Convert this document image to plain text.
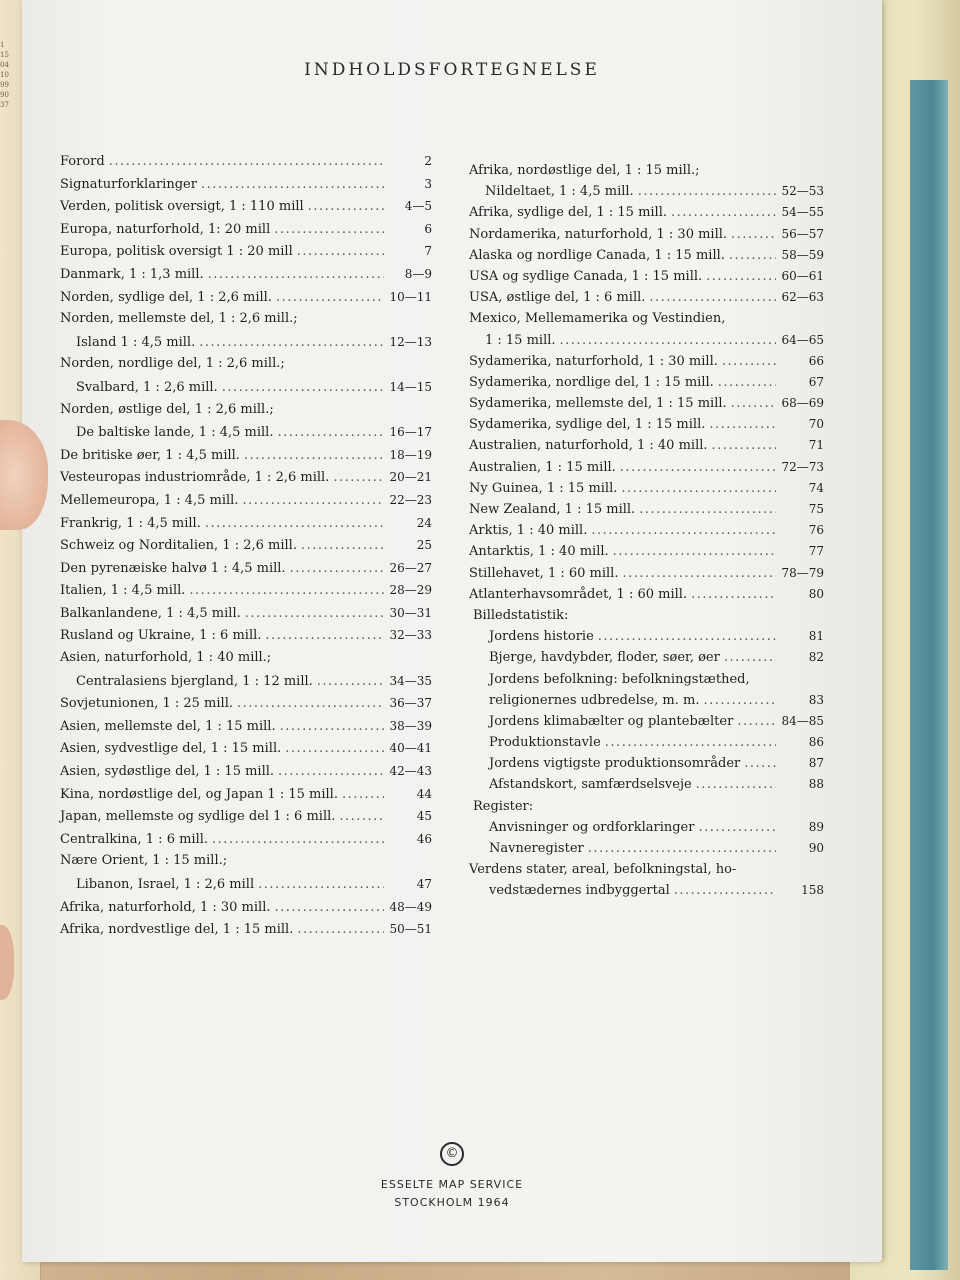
1
15
04
10
99
90
37
INDHOLDSFORTEGNELSE
Forord .....	2
Signaturforklaringer .....	3
Verden, politisk oversigt, 1 : 110 mill .....	4—5
Europa, naturforhold, 1: 20 mill .....	6
Europa, politisk oversigt 1 : 20 mill .....	7
Danmark, 1 : 1,3 mill. .....	8—9
Norden, sydlige del, 1 : 2,6 mill. .....	10—11
Norden, mellemste del, 1 : 2,6 mill.;
Island 1 : 4,5 mill. .....	12—13
Norden, nordlige del, 1 : 2,6 mill.;
Svalbard, 1 : 2,6 mill. .....	14—15
Norden, østlige del, 1 : 2,6 mill.;
De baltiske lande, 1 : 4,5 mill. .....	16—17
De britiske øer, 1 : 4,5 mill. .....	18—19
Vesteuropas industriområde, 1 : 2,6 mill. .....	20—21
Mellemeuropa, 1 : 4,5 mill. .....	22—23
Frankrig, 1 : 4,5 mill. .....	24
Schweiz og Norditalien, 1 : 2,6 mill. .....	25
Den pyrenæiske halvø 1 : 4,5 mill. .....	26—27
Italien, 1 : 4,5 mill. .....	28—29
Balkanlandene, 1 : 4,5 mill. .....	30—31
Rusland og Ukraine, 1 : 6 mill. .....	32—33
Asien, naturforhold, 1 : 40 mill.;
Centralasiens bjergland, 1 : 12 mill. .....	34—35
Sovjetunionen, 1 : 25 mill. .....	36—37
Asien, mellemste del, 1 : 15 mill. .....	38—39
Asien, sydvestlige del, 1 : 15 mill. .....	40—41
Asien, sydøstlige del, 1 : 15 mill. .....	42—43
Kina, nordøstlige del, og Japan 1 : 15 mill. .....	44
Japan, mellemste og sydlige del 1 : 6 mill. .....	45
Centralkina, 1 : 6 mill. .....	46
Nære Orient, 1 : 15 mill.;
Libanon, Israel, 1 : 2,6 mill .....	47
Afrika, naturforhold, 1 : 30 mill. .....	48—49
Afrika, nordvestlige del, 1 : 15 mill. .....	50—51
Afrika, nordøstlige del, 1 : 15 mill.;
Nildeltaet, 1 : 4,5 mill. .....	52—53
Afrika, sydlige del, 1 : 15 mill. .....	54—55
Nordamerika, naturforhold, 1 : 30 mill. .....	56—57
Alaska og nordlige Canada, 1 : 15 mill. .....	58—59
USA og sydlige Canada, 1 : 15 mill. .....	60—61
USA, østlige del, 1 : 6 mill. .....	62—63
Mexico, Mellemamerika og Vestindien,
1 : 15 mill. .....	64—65
Sydamerika, naturforhold, 1 : 30 mill. .....	66
Sydamerika, nordlige del, 1 : 15 mill. .....	67
Sydamerika, mellemste del, 1 : 15 mill. .....	68—69
Sydamerika, sydlige del, 1 : 15 mill. .....	70
Australien, naturforhold, 1 : 40 mill. .....	71
Australien, 1 : 15 mill. .....	72—73
Ny Guinea, 1 : 15 mill. .....	74
New Zealand, 1 : 15 mill. .....	75
Arktis, 1 : 40 mill. .....	76
Antarktis, 1 : 40 mill. .....	77
Stillehavet, 1 : 60 mill. .....	78—79
Atlanterhavsområdet, 1 : 60 mill. .....	80
Billedstatistik:
Jordens historie .....	81
Bjerge, havdybder, floder, søer, øer .....	82
Jordens befolkning: befolkningstæthed,
religionernes udbredelse, m. m. .....	83
Jordens klimabælter og plantebælter .....	84—85
Produktionstavle .....	86
Jordens vigtigste produktionsområder .....	87
Afstandskort, samfærdselsveje .....	88
Register:
Anvisninger og ordforklaringer .....	89
Navneregister .....	90
Verdens stater, areal, befolkningstal, ho-
vedstædernes indbyggertal .....	158
©
ESSELTE MAP SERVICE
STOCKHOLM 1964
